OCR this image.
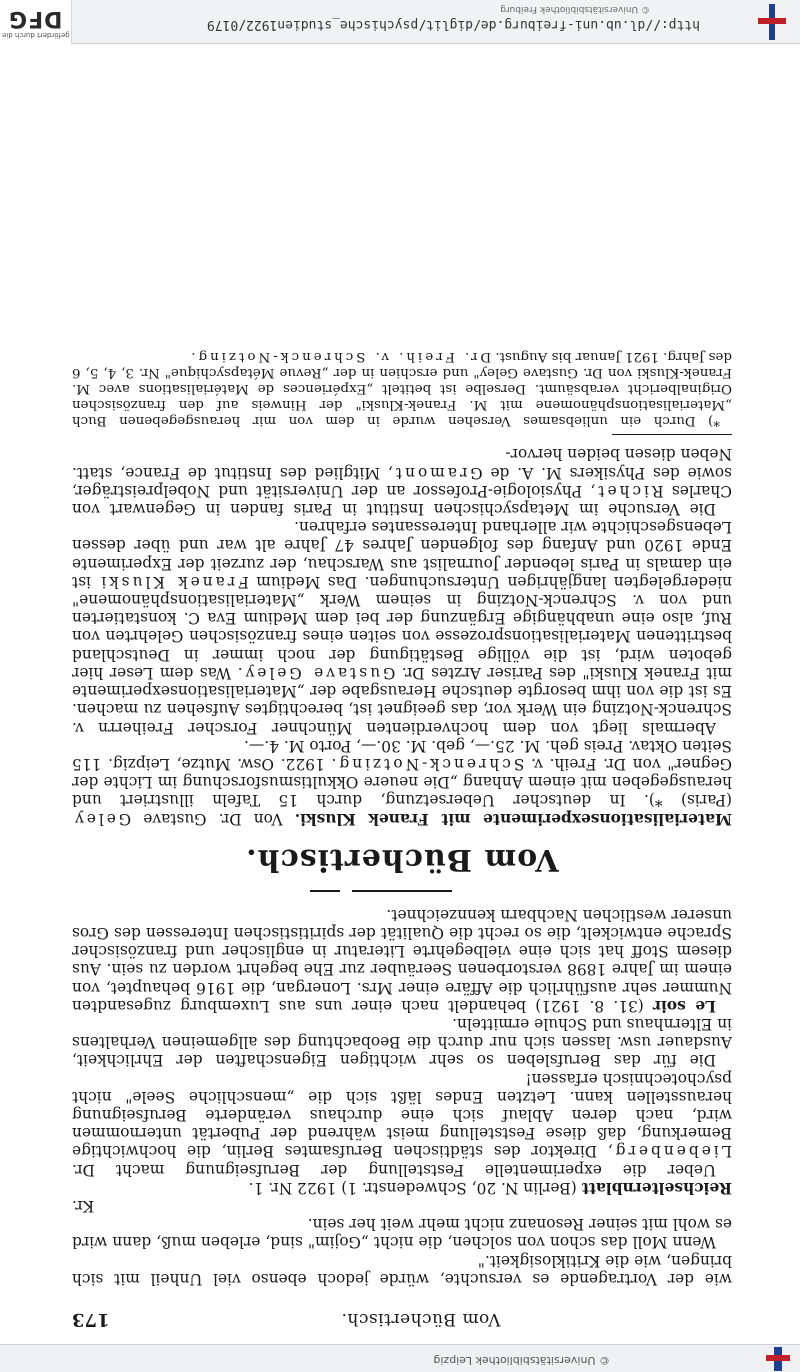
DFG
gefördert durch die
© Universitätsbibliothek Freiburg
http://dl.ub.uni-freiburg.de/diglit/psychische_studien1922/0179
Vom Büchertisch.
173

wie der Vortragende es versuchte, würde jedoch ebenso viel Unheil mit sich bringen, wie die Kritiklosigkeit."

Wenn Moll das schon von solchen, die nicht „Gojim" sind, erleben muß, dann wird es wohl mit seiner Resonanz nicht mehr weit her sein.

Kr.

Reichselternblatt (Berlin N. 20, Schwedenstr. 1) 1922 Nr. 1.

Ueber die experimentelle Feststellung der Berufseignung macht Dr. Liebenberg, Direktor des städtischen Berufsamtes Berlin, die hochwichtige Bemerkung, daß diese Feststellung meist während der Pubertät unternommen wird, nach deren Ablauf sich eine durchaus veränderte Berufseignung herausstellen kann. Letzten Endes läßt sich die „menschliche Seele" nicht psychotechnisch erfassen!

Die für das Berufsleben so sehr wichtigen Eigenschaften der Ehrlichkeit, Ausdauer usw. lassen sich nur durch die Beobachtung des allgemeinen Verhaltens in Elternhaus und Schule ermitteln.

Le soir (31. 8. 1921) behandelt nach einer uns aus Luxemburg zugesandten Nummer sehr ausführlich die Affäre einer Mrs. Lonergan, die 1916 behauptet, von einem im Jahre 1898 verstorbenen Seeräuber zur Ehe begehrt worden zu sein. Aus diesem Stoff hat sich eine vielbegehrte Literatur in englischer und französischer Sprache entwickelt, die so recht die Qualität der spiritistischen Interessen des Gros unserer westlichen Nachbarn kennzeichnet.

Vom Büchertisch.

Materialisationsexperimente mit Franek Kluski. Von Dr. Gustave Geley (Paris) *). In deutscher Uebersetzung, durch 15 Tafeln illustriert und herausgegeben mit einem Anhang „Die neuere Okkultismusforschung im Lichte der Gegner" von Dr. Freih. v. Schrenck-Notzing. 1922. Osw. Mutze, Leipzig. 115 Seiten Oktav. Preis geh. M. 25.—, geb. M. 30.—, Porto M. 4.—.

Abermals liegt von dem hochverdienten Münchner Forscher Freiherrn v. Schrenck-Notzing ein Werk vor, das geeignet ist, berechtigtes Aufsehen zu machen. Es ist die von ihm besorgte deutsche Herausgabe der „Materialisationsexperimente mit Franek Kluski" des Pariser Arztes Dr. Gustave Geley. Was dem Leser hier geboten wird, ist die völlige Bestätigung der noch immer in Deutschland bestrittenen Materialisationsprozesse von seiten eines französischen Gelehrten von Ruf, also eine unabhängige Ergänzung der bei dem Medium Eva C. konstatierten und von v. Schrenck-Notzing in seinem Werk „Materialisationsphänomene" niedergelegten langjährigen Untersuchungen. Das Medium Franek Kluski ist ein damals in Paris lebender Journalist aus Warschau, der zurzeit der Experimente Ende 1920 und Anfang des folgenden Jahres 47 Jahre alt war und über dessen Lebensgeschichte wir allerhand Interessantes erfahren.

Die Versuche im Metapsychischen Institut in Paris fanden in Gegenwart von Charles Richet, Physiologie-Professor an der Universität und Nobelpreisträger, sowie des Physikers M. A. de Gramont, Mitglied des Institut de France, statt. Neben diesen beiden hervor-

*) Durch ein unliebsames Versehen wurde in dem von mir herausgegebenen Buch „Materialisationsphänomene mit M. Franek-Kluski" der Hinweis auf den französischen Originalbericht verabsäumt. Derselbe ist betitelt „Expériences de Matérialisations avec M. Franek-Kluski von Dr. Gustave Geley" und erschien in der „Revue Métapsychique" Nr. 3, 4, 5, 6 des Jahrg. 1921 Januar bis August. Dr. Freih. v. Schrenck-Notzing.

© Universitätsbibliothek Leipzig
